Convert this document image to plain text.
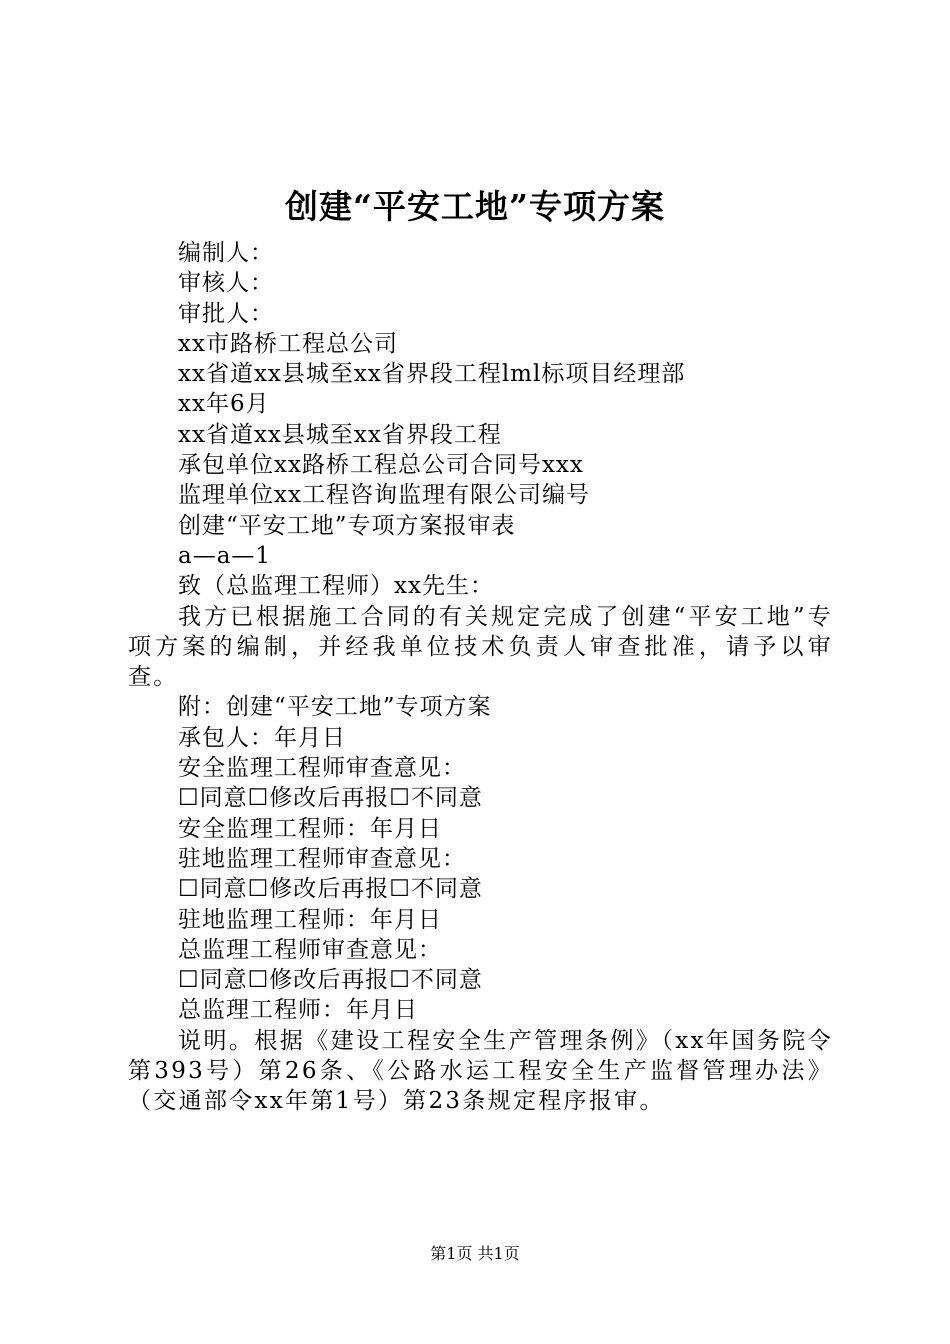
创建“平安工地”专项方案
编制人：
审核人：
审批人：
xx市路桥工程总公司
xx省道xx县城至xx省界段工程lml标项目经理部
xx年6月
xx省道xx县城至xx省界段工程
承包单位xx路桥工程总公司合同号xxx
监理单位xx工程咨询监理有限公司编号
创建“平安工地”专项方案报审表
a—a—1
致（总监理工程师）xx先生：
我方已根据施工合同的有关规定完成了创建“平安工地”专项方案的编制，并经我单位技术负责人审查批准，请予以审查。
附：创建“平安工地”专项方案
承包人：年月日
安全监理工程师审查意见：
☐同意☐修改后再报☐不同意
安全监理工程师：年月日
驻地监理工程师审查意见：
☐同意☐修改后再报☐不同意
驻地监理工程师：年月日
总监理工程师审查意见：
☐同意☐修改后再报☐不同意
总监理工程师：年月日
说明。根据《建设工程安全生产管理条例》（xx年国务院令第393号）第26条、《公路水运工程安全生产监督管理办法》（交通部令xx年第1号）第23条规定程序报审。
第1页 共1页
